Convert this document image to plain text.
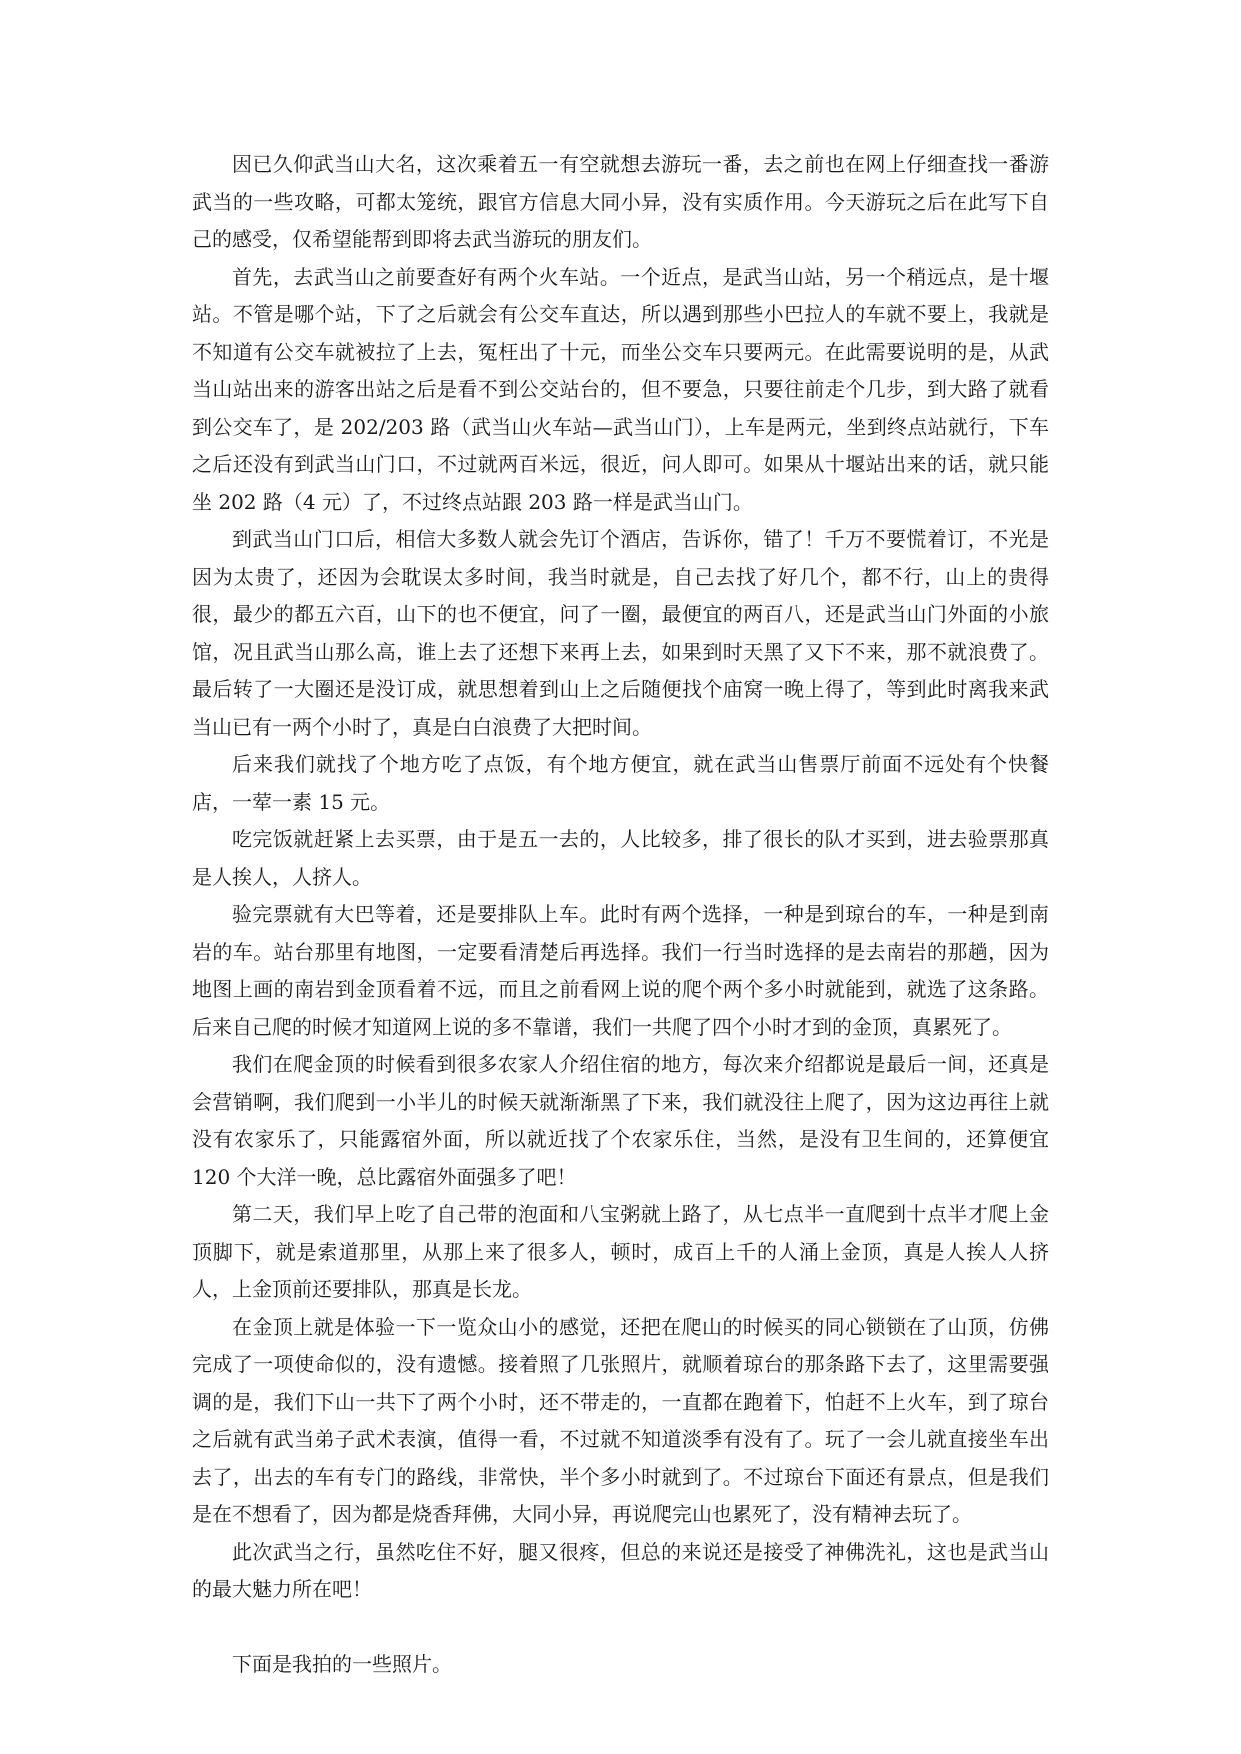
因已久仰武当山大名，这次乘着五一有空就想去游玩一番，去之前也在网上仔细查找一番游武当的一些攻略，可都太笼统，跟官方信息大同小异，没有实质作用。今天游玩之后在此写下自己的感受，仅希望能帮到即将去武当游玩的朋友们。

首先，去武当山之前要查好有两个火车站。一个近点，是武当山站，另一个稍远点，是十堰站。不管是哪个站，下了之后就会有公交车直达，所以遇到那些小巴拉人的车就不要上，我就是不知道有公交车就被拉了上去，冤枉出了十元，而坐公交车只要两元。在此需要说明的是，从武当山站出来的游客出站之后是看不到公交站台的，但不要急，只要往前走个几步，到大路了就看到公交车了，是 202/203 路（武当山火车站—武当山门），上车是两元，坐到终点站就行，下车之后还没有到武当山门口，不过就两百米远，很近，问人即可。如果从十堰站出来的话，就只能坐 202 路（4 元）了，不过终点站跟 203 路一样是武当山门。

到武当山门口后，相信大多数人就会先订个酒店，告诉你，错了！千万不要慌着订，不光是因为太贵了，还因为会耽误太多时间，我当时就是，自己去找了好几个，都不行，山上的贵得很，最少的都五六百，山下的也不便宜，问了一圈，最便宜的两百八，还是武当山门外面的小旅馆，况且武当山那么高，谁上去了还想下来再上去，如果到时天黑了又下不来，那不就浪费了。最后转了一大圈还是没订成，就思想着到山上之后随便找个庙窝一晚上得了，等到此时离我来武当山已有一两个小时了，真是白白浪费了大把时间。

后来我们就找了个地方吃了点饭，有个地方便宜，就在武当山售票厅前面不远处有个快餐店，一荤一素 15 元。

吃完饭就赶紧上去买票，由于是五一去的，人比较多，排了很长的队才买到，进去验票那真是人挨人，人挤人。

验完票就有大巴等着，还是要排队上车。此时有两个选择，一种是到琼台的车，一种是到南岩的车。站台那里有地图，一定要看清楚后再选择。我们一行当时选择的是去南岩的那趟，因为地图上画的南岩到金顶看着不远，而且之前看网上说的爬个两个多小时就能到，就选了这条路。后来自己爬的时候才知道网上说的多不靠谱，我们一共爬了四个小时才到的金顶，真累死了。

我们在爬金顶的时候看到很多农家人介绍住宿的地方，每次来介绍都说是最后一间，还真是会营销啊，我们爬到一小半儿的时候天就渐渐黑了下来，我们就没往上爬了，因为这边再往上就没有农家乐了，只能露宿外面，所以就近找了个农家乐住，当然，是没有卫生间的，还算便宜 120 个大洋一晚，总比露宿外面强多了吧！

第二天，我们早上吃了自己带的泡面和八宝粥就上路了，从七点半一直爬到十点半才爬上金顶脚下，就是索道那里，从那上来了很多人，顿时，成百上千的人涌上金顶，真是人挨人人挤人，上金顶前还要排队，那真是长龙。

在金顶上就是体验一下一览众山小的感觉，还把在爬山的时候买的同心锁锁在了山顶，仿佛完成了一项使命似的，没有遗憾。接着照了几张照片，就顺着琼台的那条路下去了，这里需要强调的是，我们下山一共下了两个小时，还不带走的，一直都在跑着下，怕赶不上火车，到了琼台之后就有武当弟子武术表演，值得一看，不过就不知道淡季有没有了。玩了一会儿就直接坐车出去了，出去的车有专门的路线，非常快，半个多小时就到了。不过琼台下面还有景点，但是我们是在不想看了，因为都是烧香拜佛，大同小异，再说爬完山也累死了，没有精神去玩了。

此次武当之行，虽然吃住不好，腿又很疼，但总的来说还是接受了神佛洗礼，这也是武当山的最大魅力所在吧！

下面是我拍的一些照片。
